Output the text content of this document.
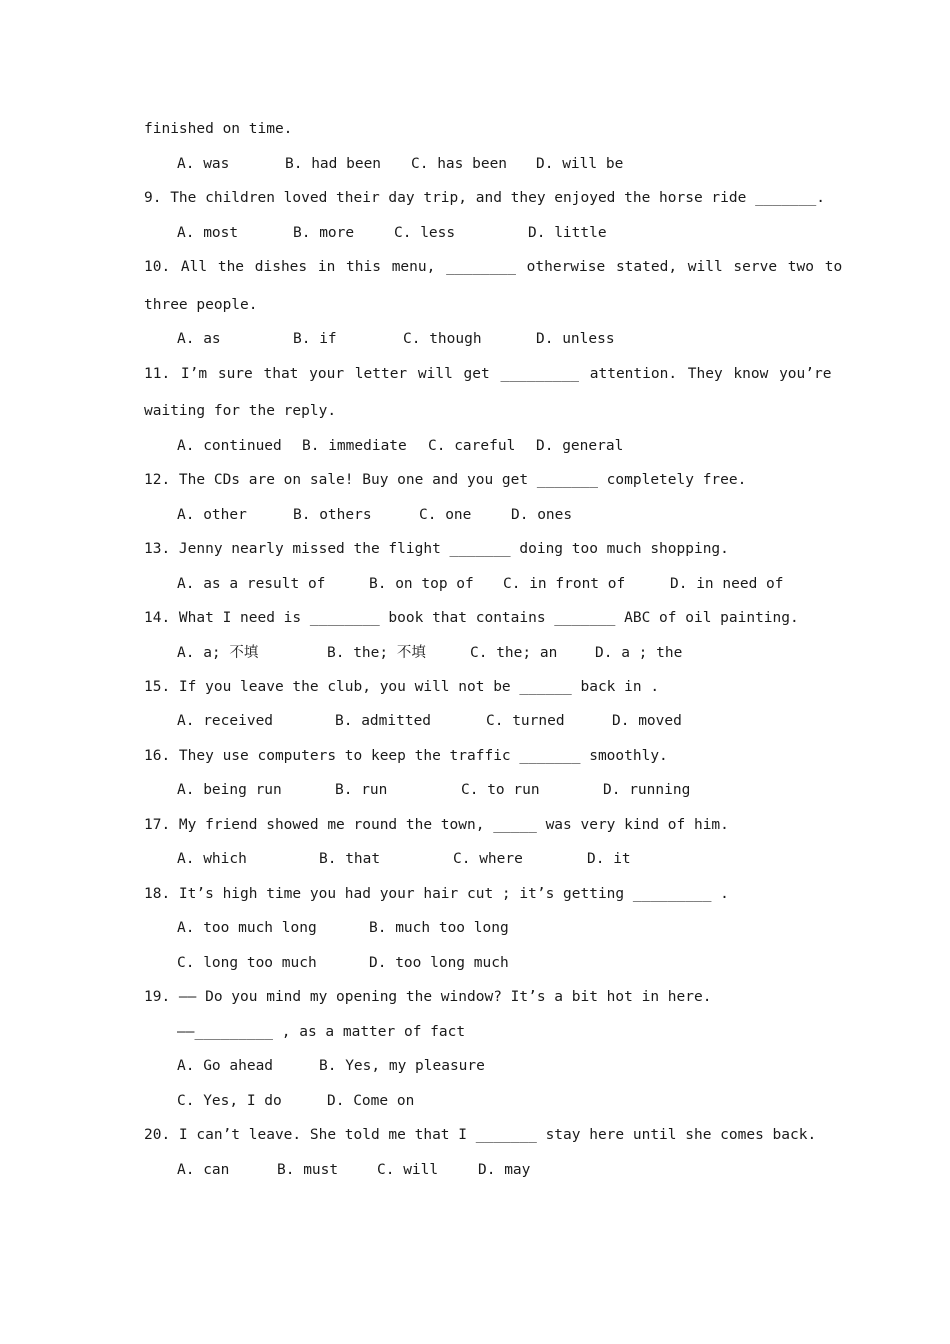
finished on time.

A. was

	B. had been

C. has been

D. will be

9. The children loved their day trip, and they enjoyed the horse ride _______.

A. most

	B. more

	C. less

	D. little

10. All the dishes in this menu, ________ otherwise stated, will serve two to
three people.

A. as

	B. if

	C. though

	D. unless

11. I’m sure that your letter will get _________ attention. They know you’re
waiting for the reply.

A. continued

B. immediate

C. careful

D. general

12. The CDs are on sale! Buy one and you get _______ completely free.

A. other

	B. others

	C. one

	D. ones

13. Jenny nearly missed the flight _______ doing too much shopping.

A. as a result of

	B. on top of

C. in front of

	D. in need of

14. What I need is ________ book that contains _______ ABC of oil painting.

A. a; 不填

	B. the; 不填

	C. the; an

	D. a ; the

15. If you leave the club, you will not be ______ back in .

A. received

	B. admitted

	C. turned

	D. moved

16. They use computers to keep the traffic _______ smoothly.

A. being run

	B. run

	C. to run

	D. running

17. My friend showed me round the town, _____ was very kind of him.

A. which

	B. that

	C. where

	D. it

18. It’s high time you had your hair cut ; it’s getting _________ .

A. too much long

	B. much too long

C. long too much

	D. too long much

19. —— Do you mind my opening the window? It’s a bit hot in here.
——_________ , as a matter of fact

A. Go ahead

	B. Yes, my pleasure

C. Yes, I do

	D. Come on

20. I can’t leave. She told me that I _______ stay here until she comes back.

A. can

	B. must

	C. will

	D. may
